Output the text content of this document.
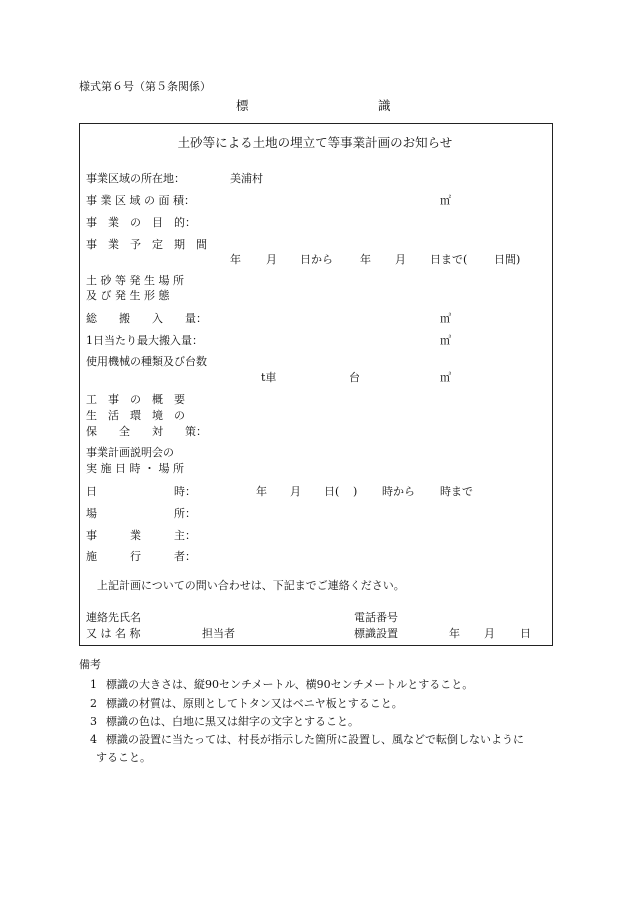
様式第６号（第５条関係）
標	識
土砂等による土地の埋立て等事業計画のお知らせ
事業区域の所在地：	美浦村
事 業 区 域 の 面 積：	㎡
事　業　の　目　的：
事　業　予　定　期　間
年 月 日から 年 月 日まで( 日間)
土 砂 等 発 生 場 所
及 び 発 生 形 態
総　　搬　　入　　量：	㎥
1日当たり最大搬入量：	㎥
使用機械の種類及び台数
t車	台	㎥
工　事　の　概　要
生　活　環　境　の
保　　全　　対　　策：
事業計画説明会の
実 施 日 時 ・ 場 所
日　　　　　　　時：	年 月 日( ) 時から 時まで
場　　　　　　　所：
事　　　業　　　主：
施　　　行　　　者：
上記計画についての問い合わせは、下記までご連絡ください。
連絡先氏名
又 は 名 称	担当者
電話番号
標識設置	年 月 日
備考
1 標識の大きさは、縦90センチメートル、横90センチメートルとすること。
2 標識の材質は、原則としてトタン又はベニヤ板とすること。
3 標識の色は、白地に黒又は紺字の文字とすること。
4 標識の設置に当たっては、村長が指示した箇所に設置し、風などで転倒しないように
すること。
